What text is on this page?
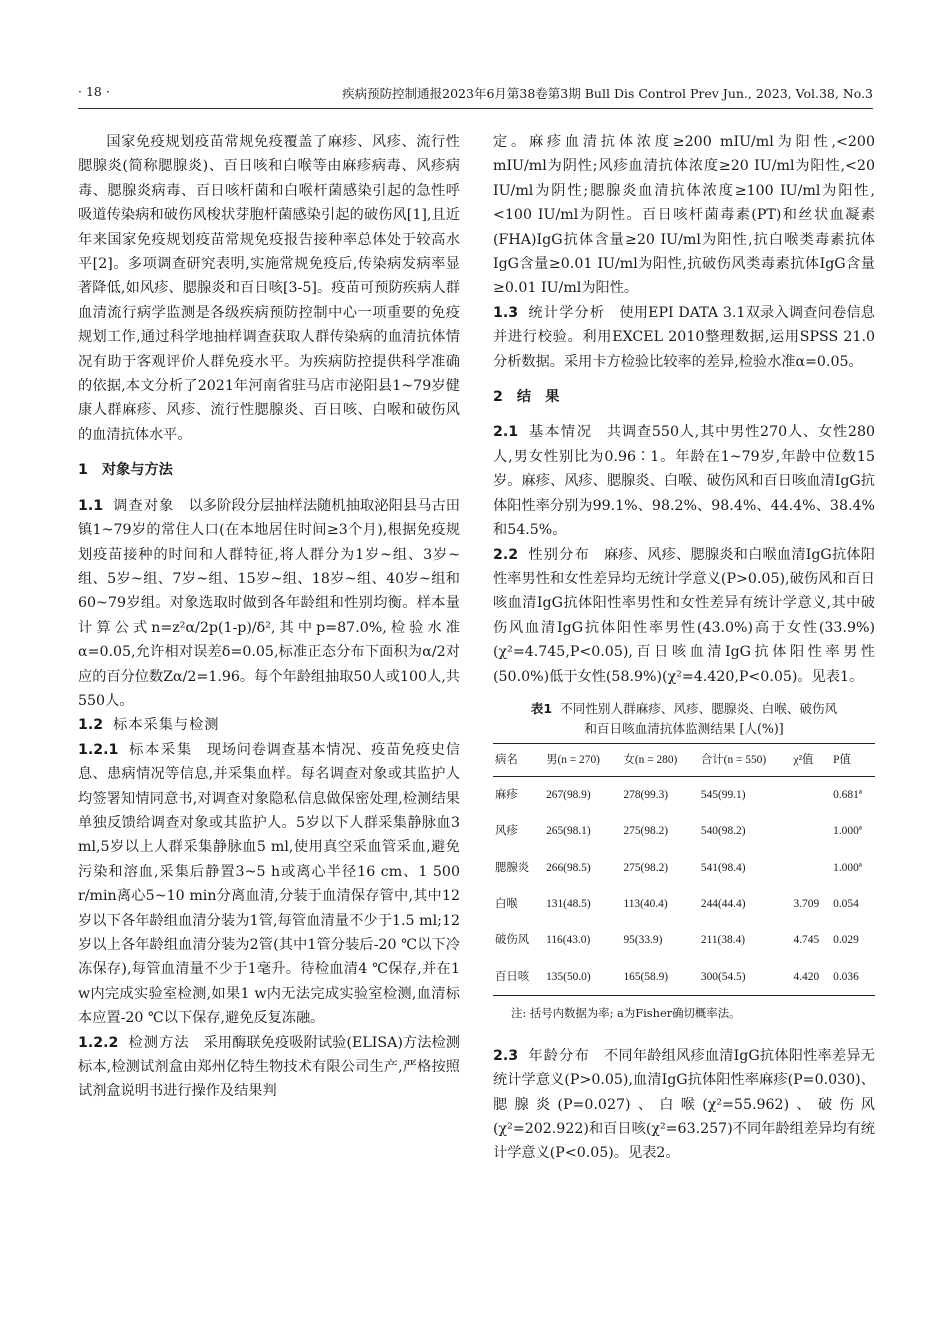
· 18 ·	疾病预防控制通报2023年6月第38卷第3期 Bull Dis Control Prev Jun., 2023, Vol.38, No.3

国家免疫规划疫苗常规免疫覆盖了麻疹、风疹、流行性腮腺炎(简称腮腺炎)、百日咳和白喉等由麻疹病毒、风疹病毒、腮腺炎病毒、百日咳杆菌和白喉杆菌感染引起的急性呼吸道传染病和破伤风梭状芽胞杆菌感染引起的破伤风[1],且近年来国家免疫规划疫苗常规免疫报告接种率总体处于较高水平[2]。多项调查研究表明,实施常规免疫后,传染病发病率显著降低,如风疹、腮腺炎和百日咳[3-5]。疫苗可预防疾病人群血清流行病学监测是各级疾病预防控制中心一项重要的免疫规划工作,通过科学地抽样调查获取人群传染病的血清抗体情况有助于客观评价人群免疫水平。为疾病防控提供科学准确的依据,本文分析了2021年河南省驻马店市泌阳县1~79岁健康人群麻疹、风疹、流行性腮腺炎、百日咳、白喉和破伤风的血清抗体水平。

1 对象与方法

1.1 调查对象 以多阶段分层抽样法随机抽取泌阳县马古田镇1~79岁的常住人口(在本地居住时间≥3个月),根据免疫规划疫苗接种的时间和人群特征,将人群分为1岁~组、3岁~组、5岁~组、7岁~组、15岁~组、18岁~组、40岁~组和60~79岁组。对象选取时做到各年龄组和性别均衡。样本量计算公式n=z²α/2p(1-p)/δ²,其中p=87.0%,检验水准α=0.05,允许相对误差δ=0.05,标准正态分布下面积为α/2对应的百分位数Zα/2=1.96。每个年龄组抽取50人或100人,共550人。

1.2 标本采集与检测

1.2.1 标本采集 现场问卷调查基本情况、疫苗免疫史信息、患病情况等信息,并采集血样。每名调查对象或其监护人均签署知情同意书,对调查对象隐私信息做保密处理,检测结果单独反馈给调查对象或其监护人。5岁以下人群采集静脉血3 ml,5岁以上人群采集静脉血5 ml,使用真空采血管采血,避免污染和溶血,采集后静置3~5 h或离心半径16 cm、1 500 r/min离心5~10 min分离血清,分装于血清保存管中,其中12岁以下各年龄组血清分装为1管,每管血清量不少于1.5 ml;12岁以上各年龄组血清分装为2管(其中1管分装后-20 ℃以下冷冻保存),每管血清量不少于1毫升。待检血清4 ℃保存,并在1 w内完成实验室检测,如果1 w内无法完成实验室检测,血清标本应置-20 ℃以下保存,避免反复冻融。

1.2.2 检测方法 采用酶联免疫吸附试验(ELISA)方法检测标本,检测试剂盒由郑州亿特生物技术有限公司生产,严格按照试剂盒说明书进行操作及结果判

定。麻疹血清抗体浓度≥200 mIU/ml为阳性,<200 mIU/ml为阴性;风疹血清抗体浓度≥20 IU/ml为阳性,<20 IU/ml为阴性;腮腺炎血清抗体浓度≥100 IU/ml为阳性,<100 IU/ml为阴性。百日咳杆菌毒素(PT)和丝状血凝素(FHA)IgG抗体含量≥20 IU/ml为阳性,抗白喉类毒素抗体IgG含量≥0.01 IU/ml为阳性,抗破伤风类毒素抗体IgG含量≥0.01 IU/ml为阳性。

1.3 统计学分析 使用EPI DATA 3.1双录入调查问卷信息并进行校验。利用EXCEL 2010整理数据,运用SPSS 21.0分析数据。采用卡方检验比较率的差异,检验水准α=0.05。

2 结　果

2.1 基本情况 共调查550人,其中男性270人、女性280人,男女性别比为0.96∶1。年龄在1~79岁,年龄中位数15岁。麻疹、风疹、腮腺炎、白喉、破伤风和百日咳血清IgG抗体阳性率分别为99.1%、98.2%、98.4%、44.4%、38.4%和54.5%。

2.2 性别分布 麻疹、风疹、腮腺炎和白喉血清IgG抗体阳性率男性和女性差异均无统计学意义(P>0.05),破伤风和百日咳血清IgG抗体阳性率男性和女性差异有统计学意义,其中破伤风血清IgG抗体阳性率男性(43.0%)高于女性(33.9%)(χ²=4.745,P<0.05),百日咳血清IgG抗体阳性率男性(50.0%)低于女性(58.9%)(χ²=4.420,P<0.05)。见表1。

表1 不同性别人群麻疹、风疹、腮腺炎、白喉、破伤风
和百日咳血清抗体监测结果 [人(%)]
病名	男(n = 270)	女(n = 280)	合计(n = 550)	χ²值	P值
麻疹	267(98.9)	278(99.3)	545(99.1)		0.681ª
风疹	265(98.1)	275(98.2)	540(98.2)		1.000ª
腮腺炎	266(98.5)	275(98.2)	541(98.4)		1.000ª
白喉	131(48.5)	113(40.4)	244(44.4)	3.709	0.054
破伤风	116(43.0)	95(33.9)	211(38.4)	4.745	0.029
百日咳	135(50.0)	165(58.9)	300(54.5)	4.420	0.036
注: 括号内数据为率; a为Fisher确切概率法。

2.3 年龄分布 不同年龄组风疹血清IgG抗体阳性率差异无统计学意义(P>0.05),血清IgG抗体阳性率麻疹(P=0.030)、腮腺炎(P=0.027)、白喉(χ²=55.962)、破伤风(χ²=202.922)和百日咳(χ²=63.257)不同年龄组差异均有统计学意义(P<0.05)。见表2。
